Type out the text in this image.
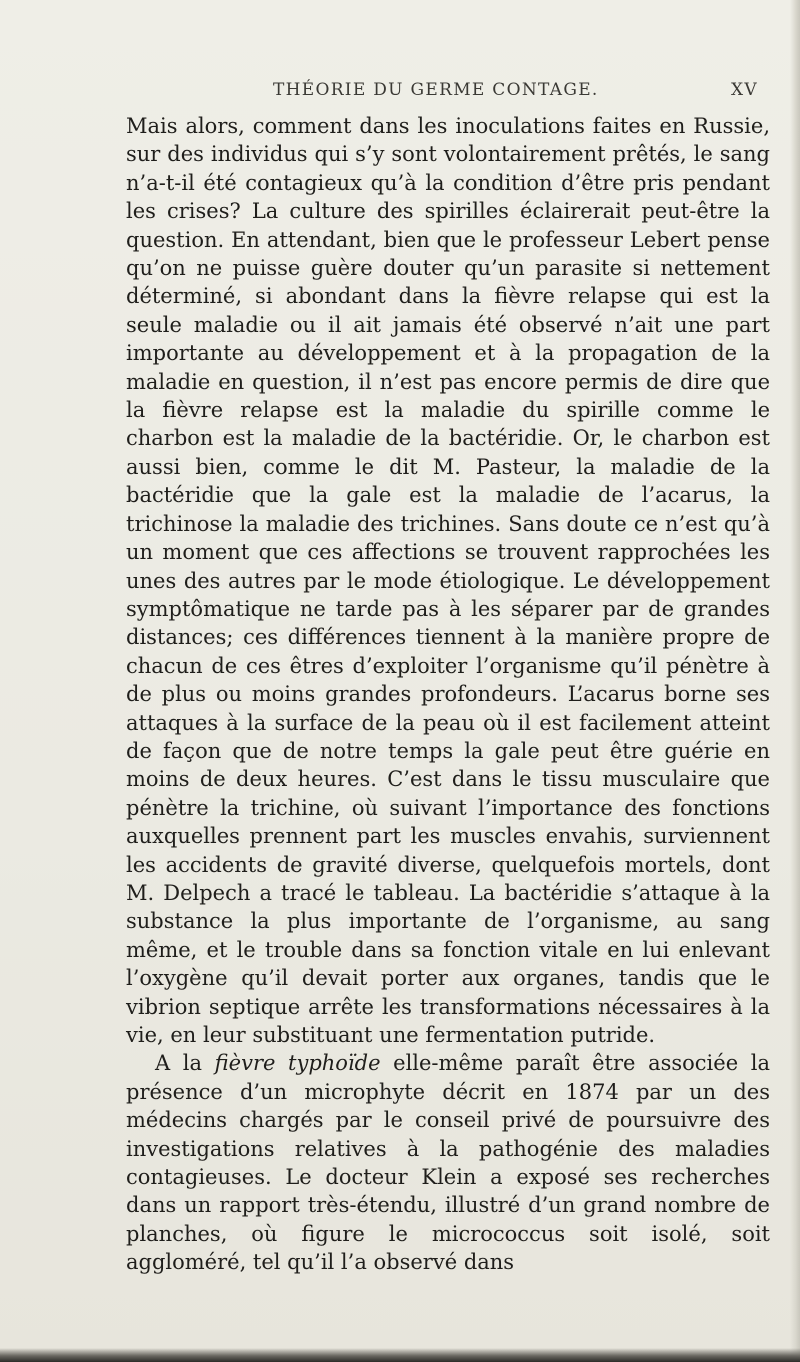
THÉORIE DU GERME CONTAGE.	XV

Mais alors, comment dans les inoculations faites en Russie, sur des individus qui s’y sont volontairement prêtés, le sang n’a-t-il été contagieux qu’à la condition d’être pris pendant les crises? La culture des spirilles éclairerait peut-être la question. En attendant, bien que le professeur Lebert pense qu’on ne puisse guère douter qu’un parasite si nettement déterminé, si abondant dans la fièvre relapse qui est la seule maladie ou il ait jamais été observé n’ait une part importante au développement et à la propagation de la maladie en question, il n’est pas encore permis de dire que la fièvre relapse est la maladie du spirille comme le charbon est la maladie de la bactéridie. Or, le charbon est aussi bien, comme le dit M. Pasteur, la maladie de la bactéridie que la gale est la maladie de l’acarus, la trichinose la maladie des trichines. Sans doute ce n’est qu’à un moment que ces affections se trouvent rapprochées les unes des autres par le mode étiologique. Le développement symptômatique ne tarde pas à les séparer par de grandes distances; ces différences tiennent à la manière propre de chacun de ces êtres d’exploiter l’organisme qu’il pénètre à de plus ou moins grandes profondeurs. L’acarus borne ses attaques à la surface de la peau où il est facilement atteint de façon que de notre temps la gale peut être guérie en moins de deux heures. C’est dans le tissu musculaire que pénètre la trichine, où suivant l’importance des fonctions auxquelles prennent part les muscles envahis, surviennent les accidents de gravité diverse, quelquefois mortels, dont M. Delpech a tracé le tableau. La bactéridie s’attaque à la substance la plus importante de l’organisme, au sang même, et le trouble dans sa fonction vitale en lui enlevant l’oxygène qu’il devait porter aux organes, tandis que le vibrion septique arrête les transformations nécessaires à la vie, en leur substituant une fermentation putride.

A la fièvre typhoïde elle-même paraît être associée la présence d’un microphyte décrit en 1874 par un des médecins chargés par le conseil privé de poursuivre des investigations relatives à la pathogénie des maladies contagieuses. Le docteur Klein a exposé ses recherches dans un rapport très-étendu, illustré d’un grand nombre de planches, où figure le micrococcus soit isolé, soit aggloméré, tel qu’il l’a observé dans
